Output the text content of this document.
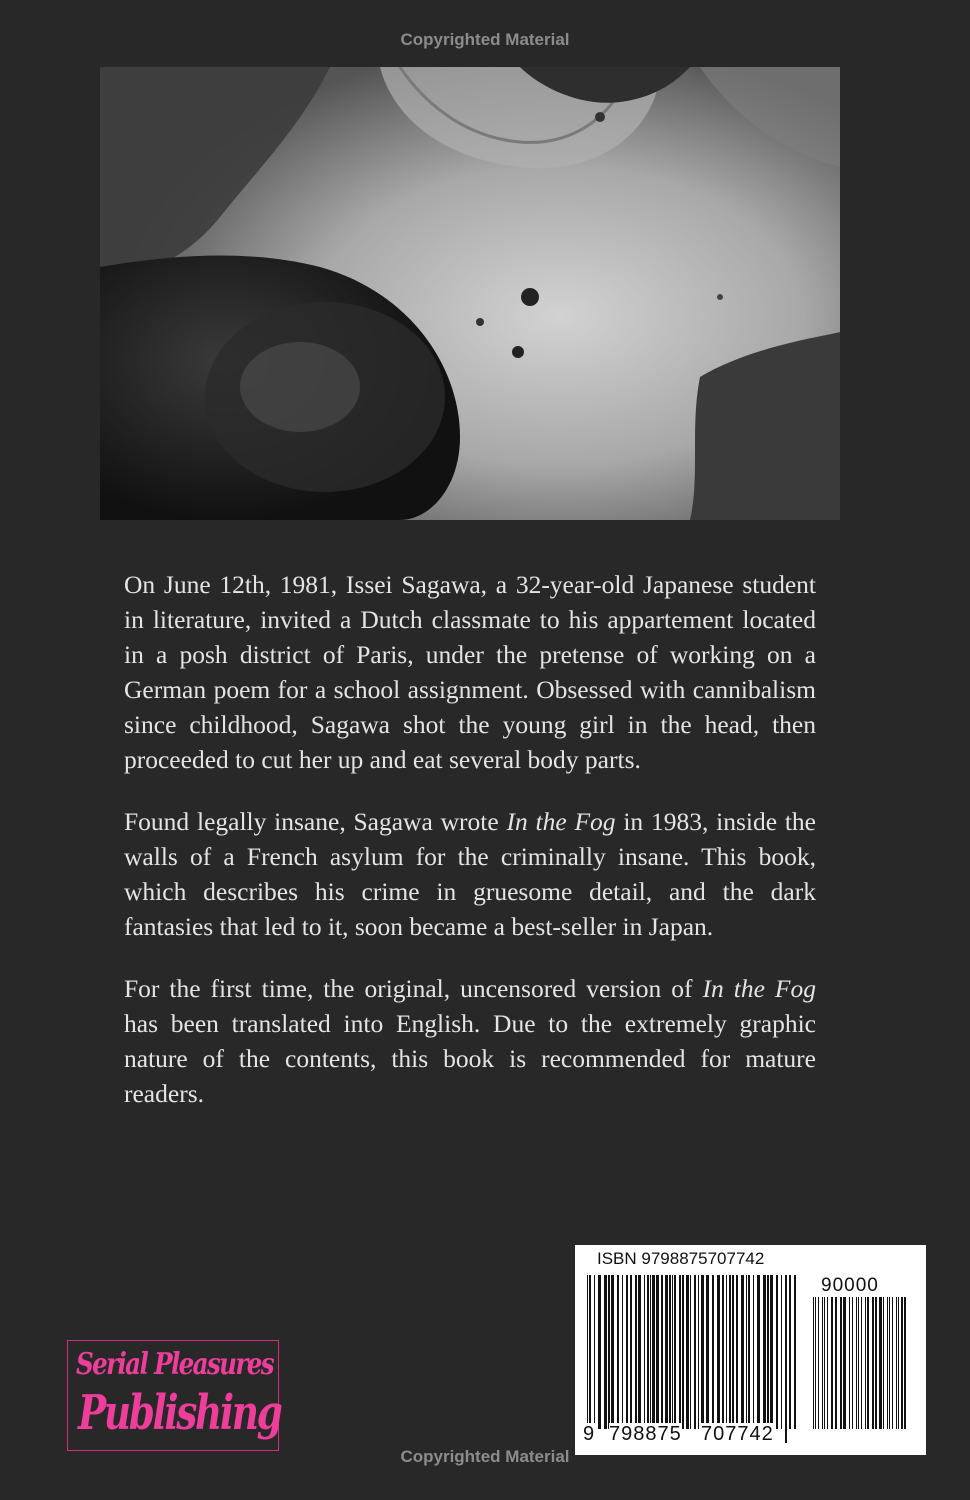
Copyrighted Material

On June 12th, 1981, Issei Sagawa, a 32-year-old Japanese student in literature, invited a Dutch classmate to his appartement located in a posh district of Paris, under the pretense of working on a German poem for a school assignment. Obsessed with cannibalism since childhood, Sagawa shot the young girl in the head, then proceeded to cut her up and eat several body parts.

Found legally insane, Sagawa wrote In the Fog in 1983, inside the walls of a French asylum for the criminally insane. This book, which describes his crime in gruesome detail, and the dark fantasies that led to it, soon became a best-seller in Japan.

For the first time, the original, uncensored version of In the Fog has been translated into English. Due to the extremely graphic nature of the contents, this book is recommended for mature readers.

Serial Pleasures
Publishing
ISBN 9798875707742
90000
9 798875 707742
Copyrighted Material
